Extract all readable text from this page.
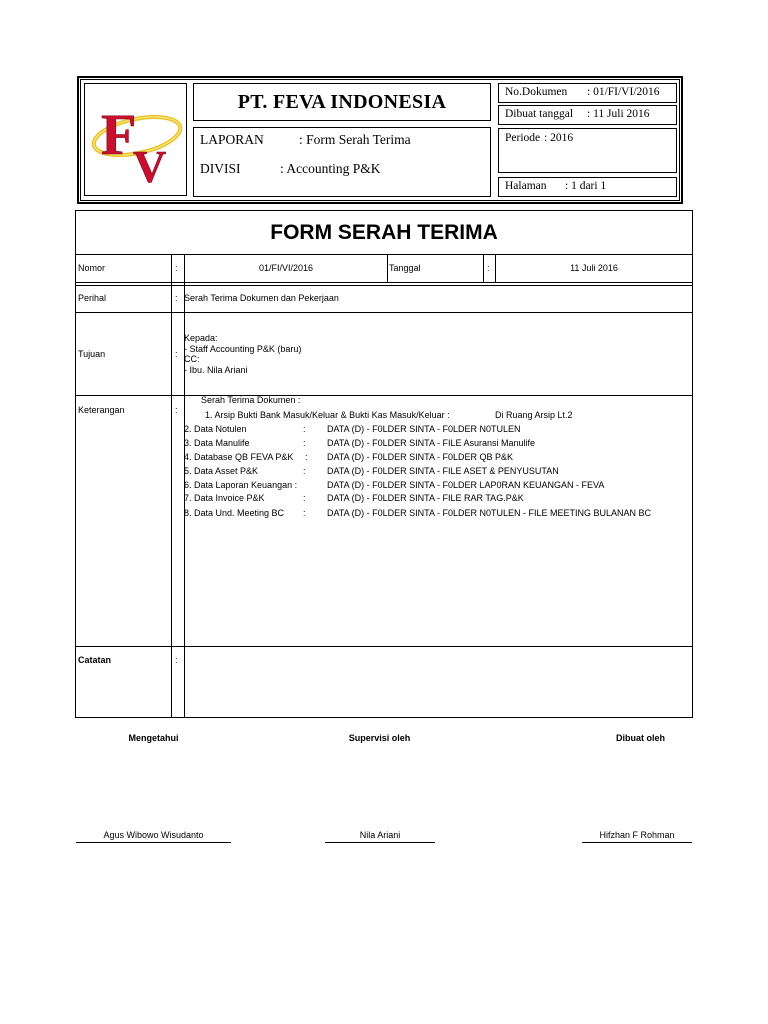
F
V
PT. FEVA INDONESIA
LAPORAN	: Form Serah Terima
DIVISI	: Accounting P&K
No.Dokumen : 01/FI/VI/2016
Dibuat tanggal : 11 Juli 2016
Periode : 2016
Halaman : 1 dari 1
FORM SERAH TERIMA
Nomor	:	01/FI/VI/2016	Tanggal	:	11 Juli 2016
Perihal	: Serah Terima Dokumen dan Pekerjaan
Tujuan	:
Kepada:
- Staff Accounting P&K (baru)
CC:
- Ibu. Nila Ariani
Keterangan	:
Serah Terima Dokumen :
1. Arsip Bukti Bank Masuk/Keluar & Bukti Kas Masuk/Keluar :	Di Ruang Arsip Lt.2
2. Data Notulen	: DATA (D) - F0LDER SINTA - F0LDER N0TULEN
3. Data Manulife	: DATA (D) - F0LDER SINTA - FILE Asuransi Manulife
4. Database QB FEVA P&K : DATA (D) - F0LDER SINTA - F0LDER QB P&K
5. Data Asset P&K	: DATA (D) - F0LDER SINTA - FILE ASET & PENYUSUTAN
6. Data Laporan Keuangan :	DATA (D) - F0LDER SINTA - F0LDER LAP0RAN KEUANGAN - FEVA
7. Data Invoice P&K	: DATA (D) - F0LDER SINTA - FILE RAR TAG.P&K
8. Data Und. Meeting BC : DATA (D) - F0LDER SINTA - F0LDER N0TULEN - FILE MEETING BULANAN BC
Catatan	:
Mengetahui	Supervisi oleh	Dibuat oleh
Agus Wibowo Wisudanto	Nila Ariani	Hifzhan F Rohman
